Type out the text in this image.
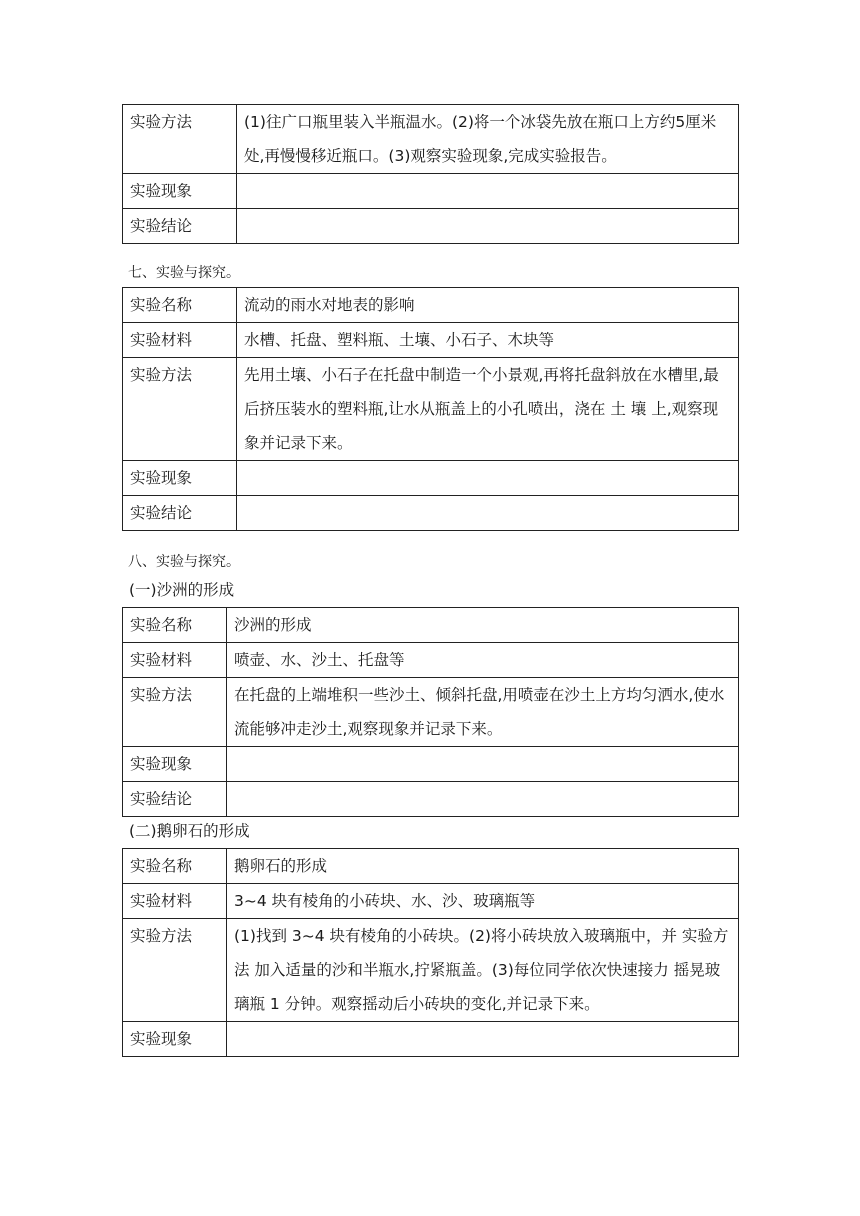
实验方法	(1)往广口瓶里装入半瓶温水。(2)将一个冰袋先放在瓶口上方约5厘米处,再慢慢移近瓶口。(3)观察实验现象,完成实验报告。
实验现象	
实验结论	
七、实验与探究。
实验名称	流动的雨水对地表的影响
实验材料	水槽、托盘、塑料瓶、土壤、小石子、木块等
实验方法	先用土壤、小石子在托盘中制造一个小景观,再将托盘斜放在水槽里,最后挤压装水的塑料瓶,让水从瓶盖上的小孔喷出，浇在 土 壤 上,观察现象并记录下来。
实验现象	
实验结论	
八、实验与探究。
(一)沙洲的形成
实验名称	沙洲的形成
实验材料	喷壶、水、沙土、托盘等
实验方法	在托盘的上端堆积一些沙土、倾斜托盘,用喷壶在沙土上方均匀洒水,使水流能够冲走沙土,观察现象并记录下来。
实验现象	
实验结论	
(二)鹅卵石的形成
实验名称	鹅卵石的形成
实验材料	3~4 块有棱角的小砖块、水、沙、玻璃瓶等
实验方法	(1)找到 3~4 块有棱角的小砖块。(2)将小砖块放入玻璃瓶中，并 实验方法 加入适量的沙和半瓶水,拧紧瓶盖。(3)每位同学依次快速接力 摇晃玻璃瓶 1 分钟。观察摇动后小砖块的变化,并记录下来。
实验现象	
